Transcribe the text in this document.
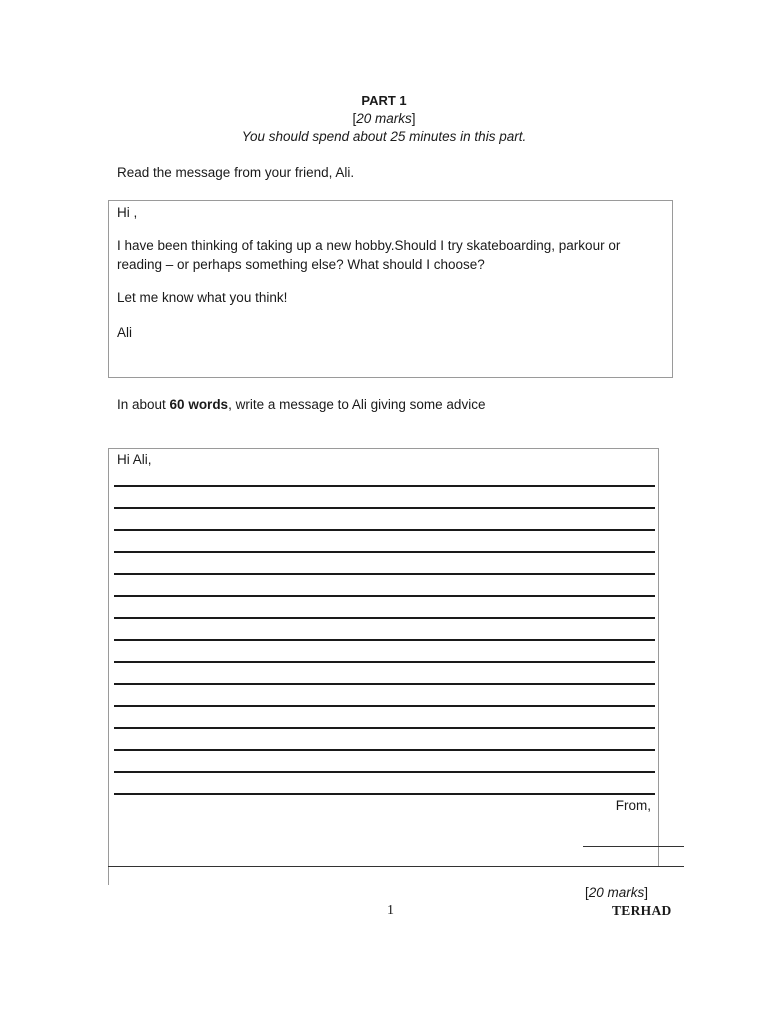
PART 1
[20 marks]
You should spend about 25 minutes in this part.
Read the message from your friend, Ali.
Hi ,
I have been thinking of taking up a new hobby.Should I try skateboarding, parkour or
reading – or perhaps something else? What should I choose?
Let me know what you think!
Ali
In about 60 words, write a message to Ali giving some advice
Hi Ali,
From,
[20 marks]
1	TERHAD
